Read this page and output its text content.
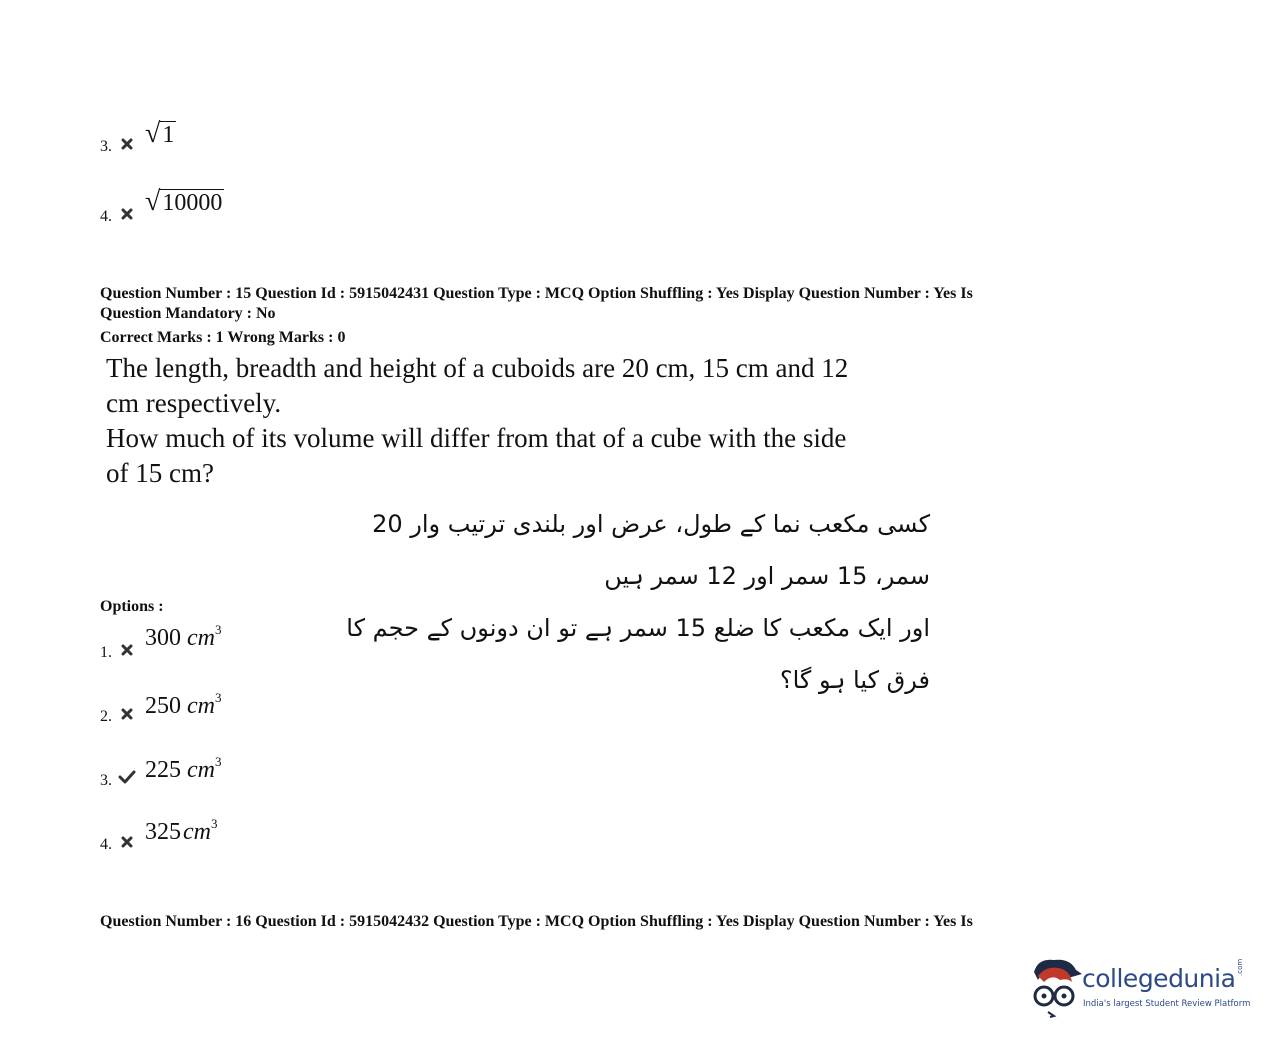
3. √1
4. √10000
Question Number : 15 Question Id : 5915042431 Question Type : MCQ Option Shuffling : Yes Display Question Number : Yes Is
Question Mandatory : No
Correct Marks : 1 Wrong Marks : 0
The length, breadth and height of a cuboids are 20 cm, 15 cm and 12
cm respectively.
How much of its volume will differ from that of a cube with the side
of 15 cm?
کسی مکعب نما کے طول، عرض اور بلندی ترتیب وار 20 سمر، 15 سمر اور 12 سمر ہیں
اور ایک مکعب کا ضلع 15 سمر ہے تو ان دونوں کے حجم کا فرق کیا ہو گا؟
Options :
1.
300 $cm^3$
2. 250 $cm^3$
3. 225 $cm^3$
4. $325cm^3$
Question Number : 16 Question Id : 5915042432 Question Type : MCQ Option Shuffling : Yes Display Question Number : Yes Is
collegedunia .com
India's largest Student Review Platform
